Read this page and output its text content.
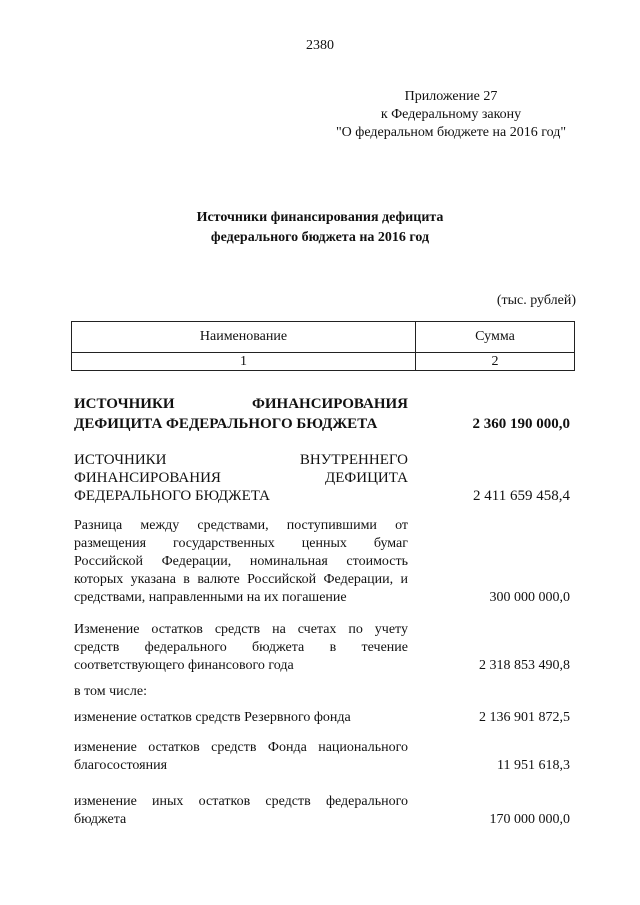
2380
Приложение 27
к Федеральному закону
"О федеральном бюджете на 2016 год"
Источники финансирования дефицита
федерального бюджета на 2016 год
(тыс. рублей)
Наименование	Сумма
1	2
ИСТОЧНИКИ ФИНАНСИРОВАНИЯ
ДЕФИЦИТА ФЕДЕРАЛЬНОГО БЮДЖЕТА	2 360 190 000,0
ИСТОЧНИКИ ВНУТРЕННЕГО
ФИНАНСИРОВАНИЯ ДЕФИЦИТА
ФЕДЕРАЛЬНОГО БЮДЖЕТА	2 411 659 458,4
Разница между средствами, поступившими от
размещения государственных ценных бумаг
Российской Федерации, номинальная стоимость
которых указана в валюте Российской Федерации, и
средствами, направленными на их погашение	300 000 000,0
Изменение остатков средств на счетах по учету
средств федерального бюджета в течение
соответствующего финансового года	2 318 853 490,8
в том числе:
изменение остатков средств Резервного фонда	2 136 901 872,5
изменение остатков средств Фонда национального
благосостояния	11 951 618,3
изменение иных остатков средств федерального
бюджета	170 000 000,0
